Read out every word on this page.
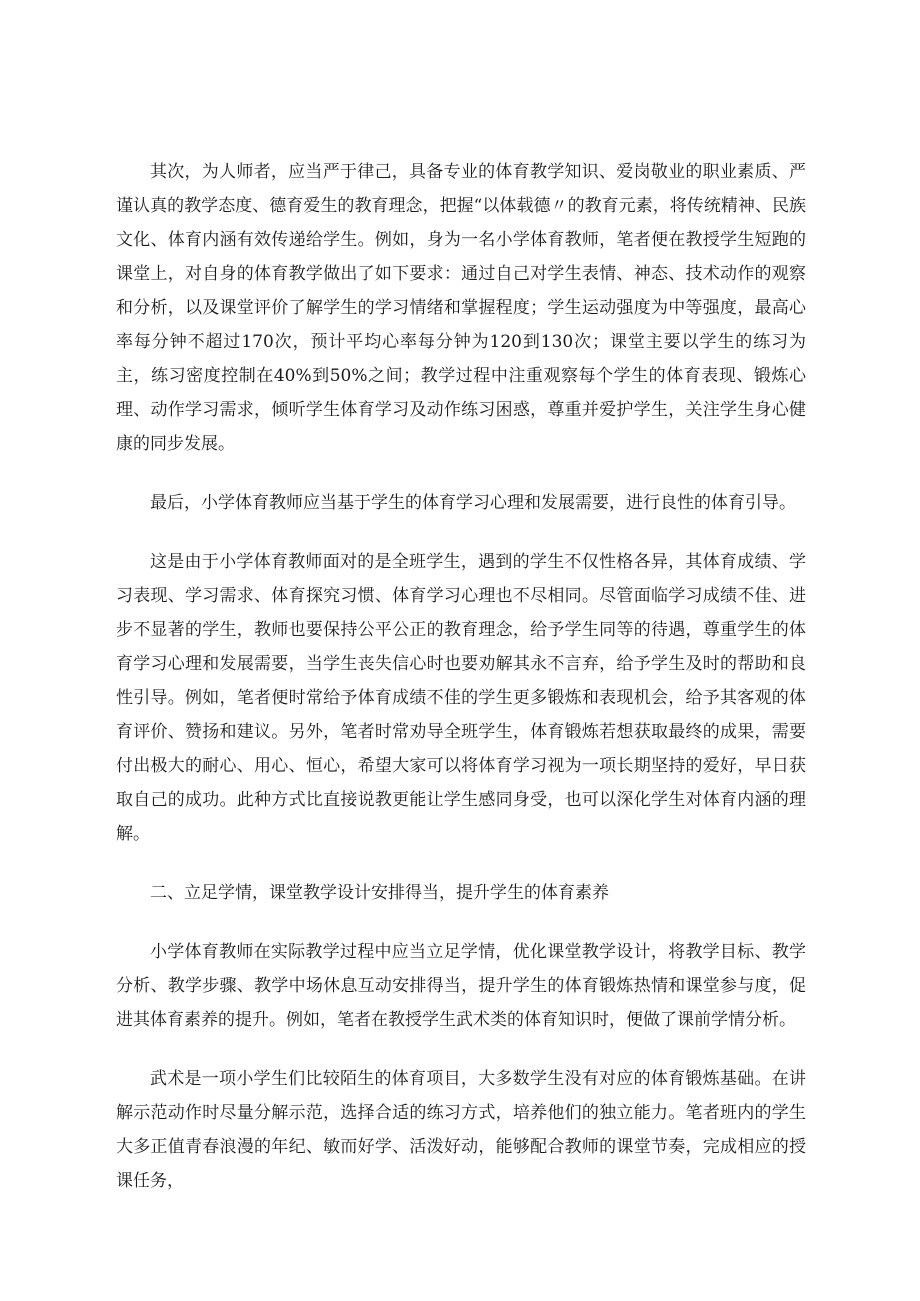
其次，为人师者，应当严于律己，具备专业的体育教学知识、爱岗敬业的职业素质、严谨认真的教学态度、德育爱生的教育理念，把握“以体载德〃的教育元素，将传统精神、民族文化、体育内涵有效传递给学生。例如，身为一名小学体育教师，笔者便在教授学生短跑的课堂上，对自身的体育教学做出了如下要求：通过自己对学生表情、神态、技术动作的观察和分析，以及课堂评价了解学生的学习情绪和掌握程度；学生运动强度为中等强度，最高心率每分钟不超过170次，预计平均心率每分钟为120到130次；课堂主要以学生的练习为主，练习密度控制在40%到50%之间；教学过程中注重观察每个学生的体育表现、锻炼心理、动作学习需求，倾听学生体育学习及动作练习困惑，尊重并爱护学生，关注学生身心健康的同步发展。

最后，小学体育教师应当基于学生的体育学习心理和发展需要，进行良性的体育引导。

这是由于小学体育教师面对的是全班学生，遇到的学生不仅性格各异，其体育成绩、学习表现、学习需求、体育探究习惯、体育学习心理也不尽相同。尽管面临学习成绩不佳、进步不显著的学生，教师也要保持公平公正的教育理念，给予学生同等的待遇，尊重学生的体育学习心理和发展需要，当学生丧失信心时也要劝解其永不言弃，给予学生及时的帮助和良性引导。例如，笔者便时常给予体育成绩不佳的学生更多锻炼和表现机会，给予其客观的体育评价、赞扬和建议。另外，笔者时常劝导全班学生，体育锻炼若想获取最终的成果，需要付出极大的耐心、用心、恒心，希望大家可以将体育学习视为一项长期坚持的爱好，早日获取自己的成功。此种方式比直接说教更能让学生感同身受，也可以深化学生对体育内涵的理解。

二、立足学情，课堂教学设计安排得当，提升学生的体育素养

小学体育教师在实际教学过程中应当立足学情，优化课堂教学设计，将教学目标、教学分析、教学步骤、教学中场休息互动安排得当，提升学生的体育锻炼热情和课堂参与度，促进其体育素养的提升。例如，笔者在教授学生武术类的体育知识时，便做了课前学情分析。

武术是一项小学生们比较陌生的体育项目，大多数学生没有对应的体育锻炼基础。在讲解示范动作时尽量分解示范，选择合适的练习方式，培养他们的独立能力。笔者班内的学生大多正值青春浪漫的年纪、敏而好学、活泼好动，能够配合教师的课堂节奏，完成相应的授课任务，
